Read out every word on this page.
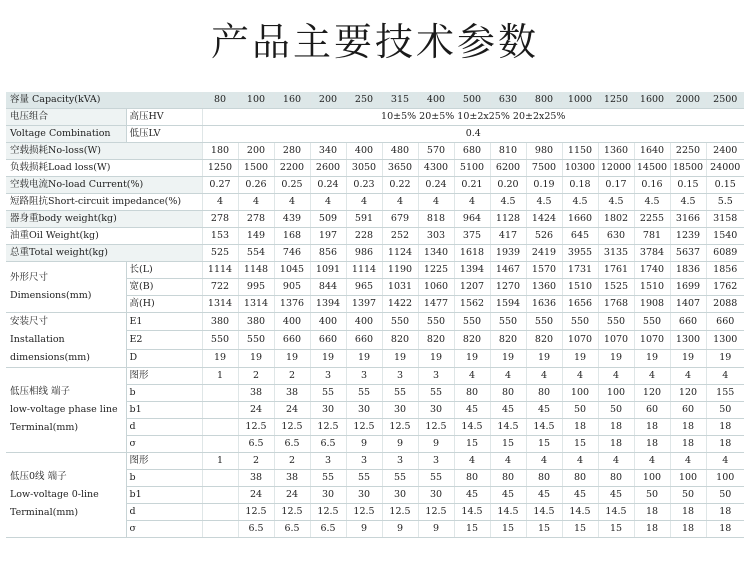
产品主要技术参数
容量 Capacity(kVA)		80	100	160	200	250	315	400	500	630	800	1000	1250	1600	2000	2500
电压组合	高压HV	10±5% 20±5% 10±2x25% 20±2x25%														
Voltage Combination	低压LV	0.4														
空载损耗No-loss(W)		180	200	280	340	400	480	570	680	810	980	1150	1360	1640	2250	2400
负载损耗Load loss(W)		1250	1500	2200	2600	3050	3650	4300	5100	6200	7500	10300	12000	14500	18500	24000
空载电流No-load Current(%)		0.27	0.26	0.25	0.24	0.23	0.22	0.24	0.21	0.20	0.19	0.18	0.17	0.16	0.15	0.15
短路阻抗Short-circuit impedance(%)		4	4	4	4	4	4	4	4	4.5	4.5	4.5	4.5	4.5	4.5	5.5
器身重body weight(kg)		278	278	439	509	591	679	818	964	1128	1424	1660	1802	2255	3166	3158
油重Oil Weight(kg)		153	149	168	197	228	252	303	375	417	526	645	630	781	1239	1540
总重Total weight(kg)		525	554	746	856	986	1124	1340	1618	1939	2419	3955	3135	3784	5637	6089

外形尺寸
Dimensions(mm)	长(L)	1114	1148	1045	1091	1114	1190	1225	1394	1467	1570	1731	1761	1740	1836	1856
	宽(B)	722	995	905	844	965	1031	1060	1207	1270	1360	1510	1525	1510	1699	1762
	高(H)	1314	1314	1376	1394	1397	1422	1477	1562	1594	1636	1656	1768	1908	1407	2088

安装尺寸
Installation
dimensions(mm)	E1	380	380	400	400	400	550	550	550	550	550	550	550	550	660	660
	E2	550	550	660	660	660	820	820	820	820	820	1070	1070	1070	1300	1300
	D	19	19	19	19	19	19	19	19	19	19	19	19	19	19	19

低压相线 端子
low-voltage phase line
Terminal(mm)	图形	1	2	2	3	3	3	3	4	4	4	4	4	4	4	4
	b		38	38	55	55	55	55	80	80	80	100	100	120	120	155
	b1		24	24	30	30	30	30	45	45	45	50	50	60	60	50
	d		12.5	12.5	12.5	12.5	12.5	12.5	14.5	14.5	14.5	18	18	18	18	18
	σ		6.5	6.5	6.5	9	9	9	15	15	15	15	18	18	18	18

低压0线 端子
Low-voltage 0-line
Terminal(mm)	图形	1	2	2	3	3	3	3	4	4	4	4	4	4	4	4
	b		38	38	55	55	55	55	80	80	80	80	80	100	100	100
	b1		24	24	30	30	30	30	45	45	45	45	45	50	50	50
	d		12.5	12.5	12.5	12.5	12.5	12.5	14.5	14.5	14.5	14.5	14.5	18	18	18
	σ		6.5	6.5	6.5	9	9	9	15	15	15	15	15	18	18	18
